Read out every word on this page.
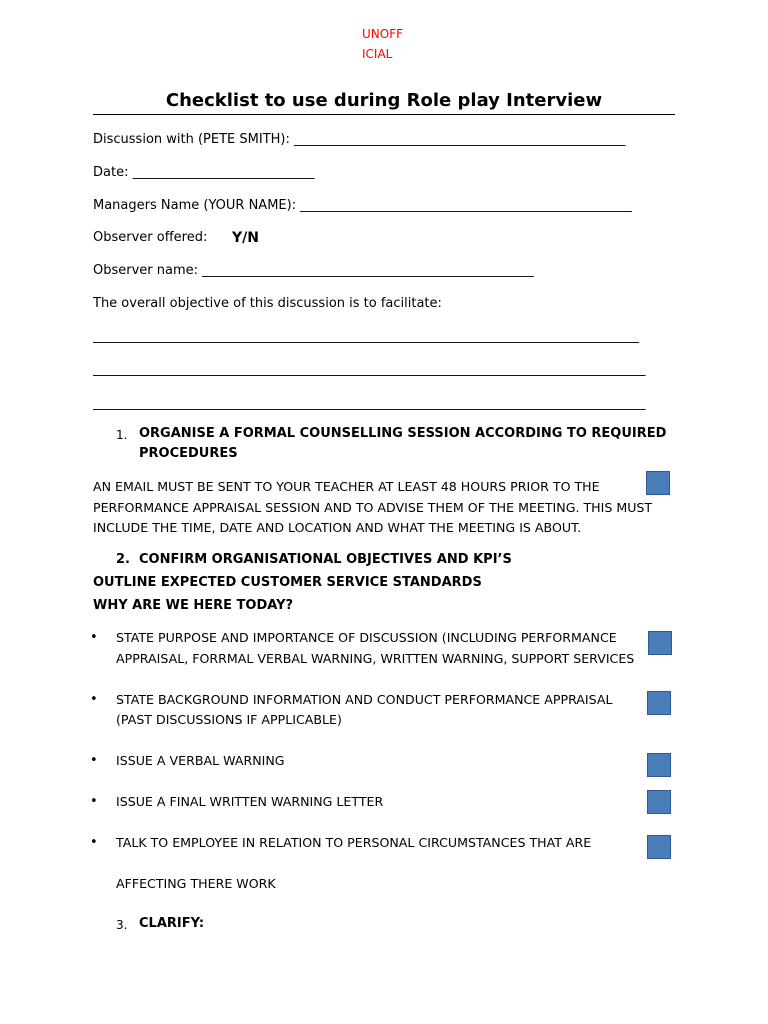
UNOFF
ICIAL
Checklist to use during Role play Interview
Discussion with (PETE SMITH): ___________________________________________________
Date: ____________________________
Managers Name (YOUR NAME): ___________________________________________________
Observer offered: Y/N
Observer name: ___________________________________________________
The overall objective of this discussion is to facilitate:
____________________________________________________________________________________
_____________________________________________________________________________________
_____________________________________________________________________________________
1. ORGANISE A FORMAL COUNSELLING SESSION ACCORDING TO REQUIRED
PROCEDURES
AN EMAIL MUST BE SENT TO YOUR TEACHER AT LEAST 48 HOURS PRIOR TO THE
PERFORMANCE APPRAISAL SESSION AND TO ADVISE THEM OF THE MEETING. THIS MUST
INCLUDE THE TIME, DATE AND LOCATION AND WHAT THE MEETING IS ABOUT.
2. CONFIRM ORGANISATIONAL OBJECTIVES AND KPI’S
OUTLINE EXPECTED CUSTOMER SERVICE STANDARDS
WHY ARE WE HERE TODAY?
• STATE PURPOSE AND IMPORTANCE OF DISCUSSION (INCLUDING PERFORMANCE
APPRAISAL, FORRMAL VERBAL WARNING, WRITTEN WARNING, SUPPORT SERVICES
• STATE BACKGROUND INFORMATION AND CONDUCT PERFORMANCE APPRAISAL
(PAST DISCUSSIONS IF APPLICABLE)
• ISSUE A VERBAL WARNING
• ISSUE A FINAL WRITTEN WARNING LETTER
• TALK TO EMPLOYEE IN RELATION TO PERSONAL CIRCUMSTANCES THAT ARE
AFFECTING THERE WORK
3. CLARIFY:
